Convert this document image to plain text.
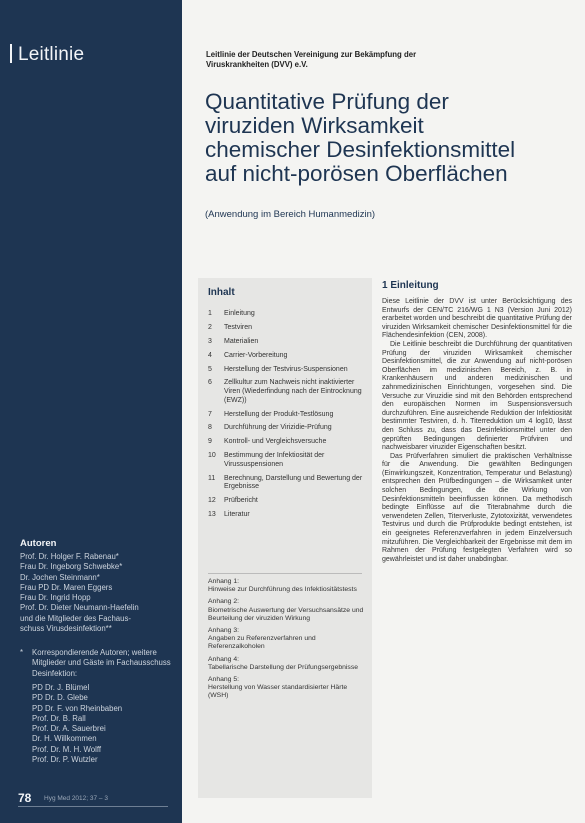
Leitlinie
Autoren
Prof. Dr. Holger F. Rabenau*
Frau Dr. Ingeborg Schwebke*
Dr. Jochen Steinmann*
Frau PD Dr. Maren Eggers
Frau Dr. Ingrid Hopp
Prof. Dr. Dieter Neumann-Haefelin
und die Mitglieder des Fachaus-
schuss Virusdesinfektion**
*	Korrespondierende Autoren; weitere Mitglieder und Gäste im Fachausschuss Desinfektion:
PD Dr. J. Blümel
PD Dr. D. Glebe
PD Dr. F. von Rheinbaben
Prof. Dr. B. Rall
Prof. Dr. A. Sauerbrei
Dr. H. Willkommen
Prof. Dr. M. H. Wolff
Prof. Dr. P. Wutzler
78 Hyg Med 2012; 37 – 3
Leitlinie der Deutschen Vereinigung zur Bekämpfung der Viruskrankheiten (DVV) e.V.
Quantitative Prüfung der
viruziden Wirksamkeit
chemischer Desinfektionsmittel
auf nicht-porösen Oberflächen
(Anwendung im Bereich Humanmedizin)
Inhalt
1	Einleitung
2	Testviren
3	Materialien
4	Carrier-Vorbereitung
5	Herstellung der Testvirus-Suspensionen
6	Zellkultur zum Nachweis nicht inaktivierter Viren (Wiederfindung nach der Eintrocknung (EWZ))
7	Herstellung der Produkt-Testlösung
8	Durchführung der Virizidie-Prüfung
9	Kontroll- und Vergleichsversuche
10	Bestimmung der Infektiosität der Virussuspensionen
11	Berechnung, Darstellung und Bewertung der Ergebnisse
12	Prüfbericht
13	Literatur
Anhang 1:
Hinweise zur Durchführung des Infektiositätstests
Anhang 2:
Biometrische Auswertung der Versuchsansätze und Beurteilung der viruziden Wirkung
Anhang 3:
Angaben zu Referenzverfahren und Referenzalkoholen
Anhang 4:
Tabellarische Darstellung der Prüfungsergebnisse
Anhang 5:
Herstellung von Wasser standardisierter Härte (WSH)
1 Einleitung

Diese Leitlinie der DVV ist unter Berücksichtigung des Entwurfs der CEN/TC 216/WG 1 N3 (Version Juni 2012) erarbeitet worden und beschreibt die quantitative Prüfung der viruziden Wirksamkeit chemischer Desinfektionsmittel für die Flächendesinfektion (CEN, 2008).

Die Leitlinie beschreibt die Durchführung der quantitativen Prüfung der viruziden Wirksamkeit chemischer Desinfektionsmittel, die zur Anwendung auf nicht-porösen Oberflächen im medizinischen Bereich, z. B. in Krankenhäusern und anderen medizinischen und zahnmedizinischen Einrichtungen, vorgesehen sind. Die Versuche zur Viruzidie sind mit den Behörden entsprechend den europäischen Normen im Suspensionsversuch durchzuführen. Eine ausreichende Reduktion der Infektiosität bestimmter Testviren, d. h. Titerreduktion um 4 log10, lässt den Schluss zu, dass das Desinfektionsmittel unter den geprüften Bedingungen definierter Prüfviren und nachweisbarer viruzider Eigenschaften besitzt.

Das Prüfverfahren simuliert die praktischen Verhältnisse für die Anwendung. Die gewählten Bedingungen (Einwirkungszeit, Konzentration, Temperatur und Belastung) entsprechen den Prüfbedingungen – die Wirksamkeit unter solchen Bedingungen, die die Wirkung von Desinfektionsmitteln beeinflussen können. Da methodisch bedingte Einflüsse auf die Titerabnahme durch die verwendeten Zellen, Titerverluste, Zytotoxizität, verwendetes Testvirus und durch die Prüfprodukte bedingt entstehen, ist ein geeignetes Referenzverfahren in jedem Einzelversuch mitzuführen. Die Vergleichbarkeit der Ergebnisse mit dem im Rahmen der Prüfung festgelegten Verfahren wird so gewährleistet und ist daher unabdingbar.
